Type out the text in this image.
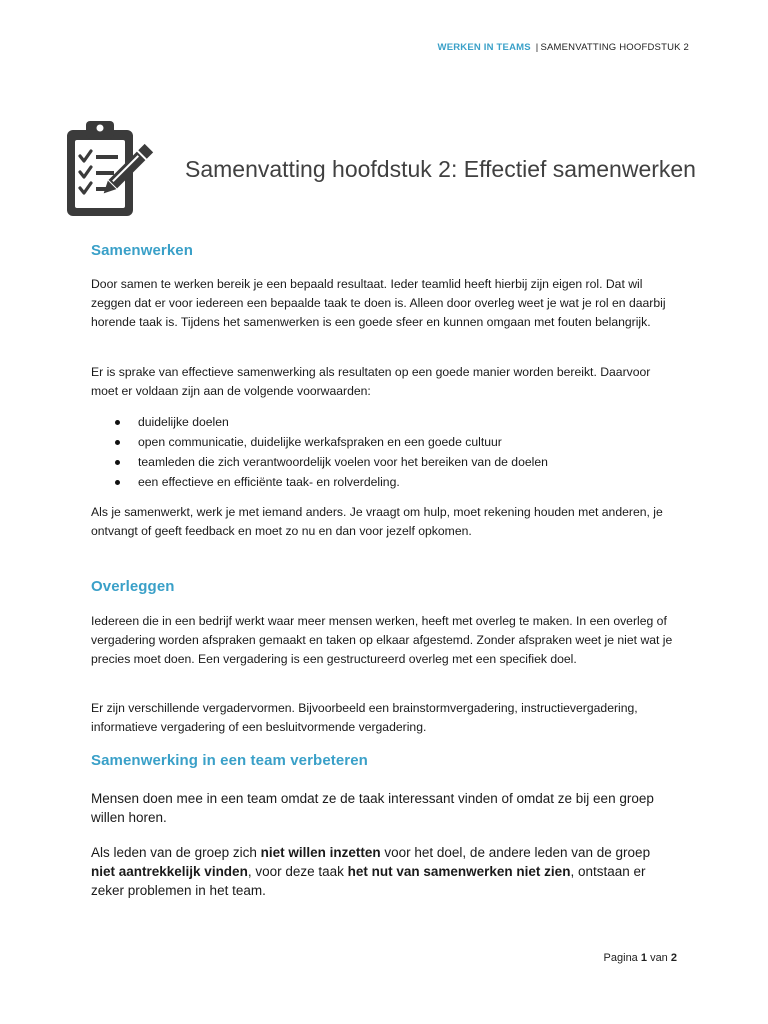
WERKEN IN TEAMS | SAMENVATTING HOOFDSTUK 2
Samenvatting hoofdstuk 2: Effectief samenwerken
Samenwerken

Door samen te werken bereik je een bepaald resultaat. Ieder teamlid heeft hierbij zijn eigen rol. Dat wil zeggen dat er voor iedereen een bepaalde taak te doen is. Alleen door overleg weet je wat je rol en daarbij horende taak is. Tijdens het samenwerken is een goede sfeer en kunnen omgaan met fouten belangrijk.

Er is sprake van effectieve samenwerking als resultaten op een goede manier worden bereikt. Daarvoor moet er voldaan zijn aan de volgende voorwaarden:

duidelijke doelen
open communicatie, duidelijke werkafspraken en een goede cultuur
teamleden die zich verantwoordelijk voelen voor het bereiken van de doelen
een effectieve en efficiënte taak- en rolverdeling.

Als je samenwerkt, werk je met iemand anders. Je vraagt om hulp, moet rekening houden met anderen, je ontvangt of geeft feedback en moet zo nu en dan voor jezelf opkomen.

Overleggen

Iedereen die in een bedrijf werkt waar meer mensen werken, heeft met overleg te maken. In een overleg of vergadering worden afspraken gemaakt en taken op elkaar afgestemd. Zonder afspraken weet je niet wat je precies moet doen. Een vergadering is een gestructureerd overleg met een specifiek doel.

Er zijn verschillende vergadervormen. Bijvoorbeeld een brainstormvergadering, instructievergadering, informatieve vergadering of een besluitvormende vergadering.

Samenwerking in een team verbeteren

Mensen doen mee in een team omdat ze de taak interessant vinden of omdat ze bij een groep willen horen.

Als leden van de groep zich niet willen inzetten voor het doel, de andere leden van de groep niet aantrekkelijk vinden, voor deze taak het nut van samenwerken niet zien, ontstaan er zeker problemen in het team.

Pagina 1 van 2
